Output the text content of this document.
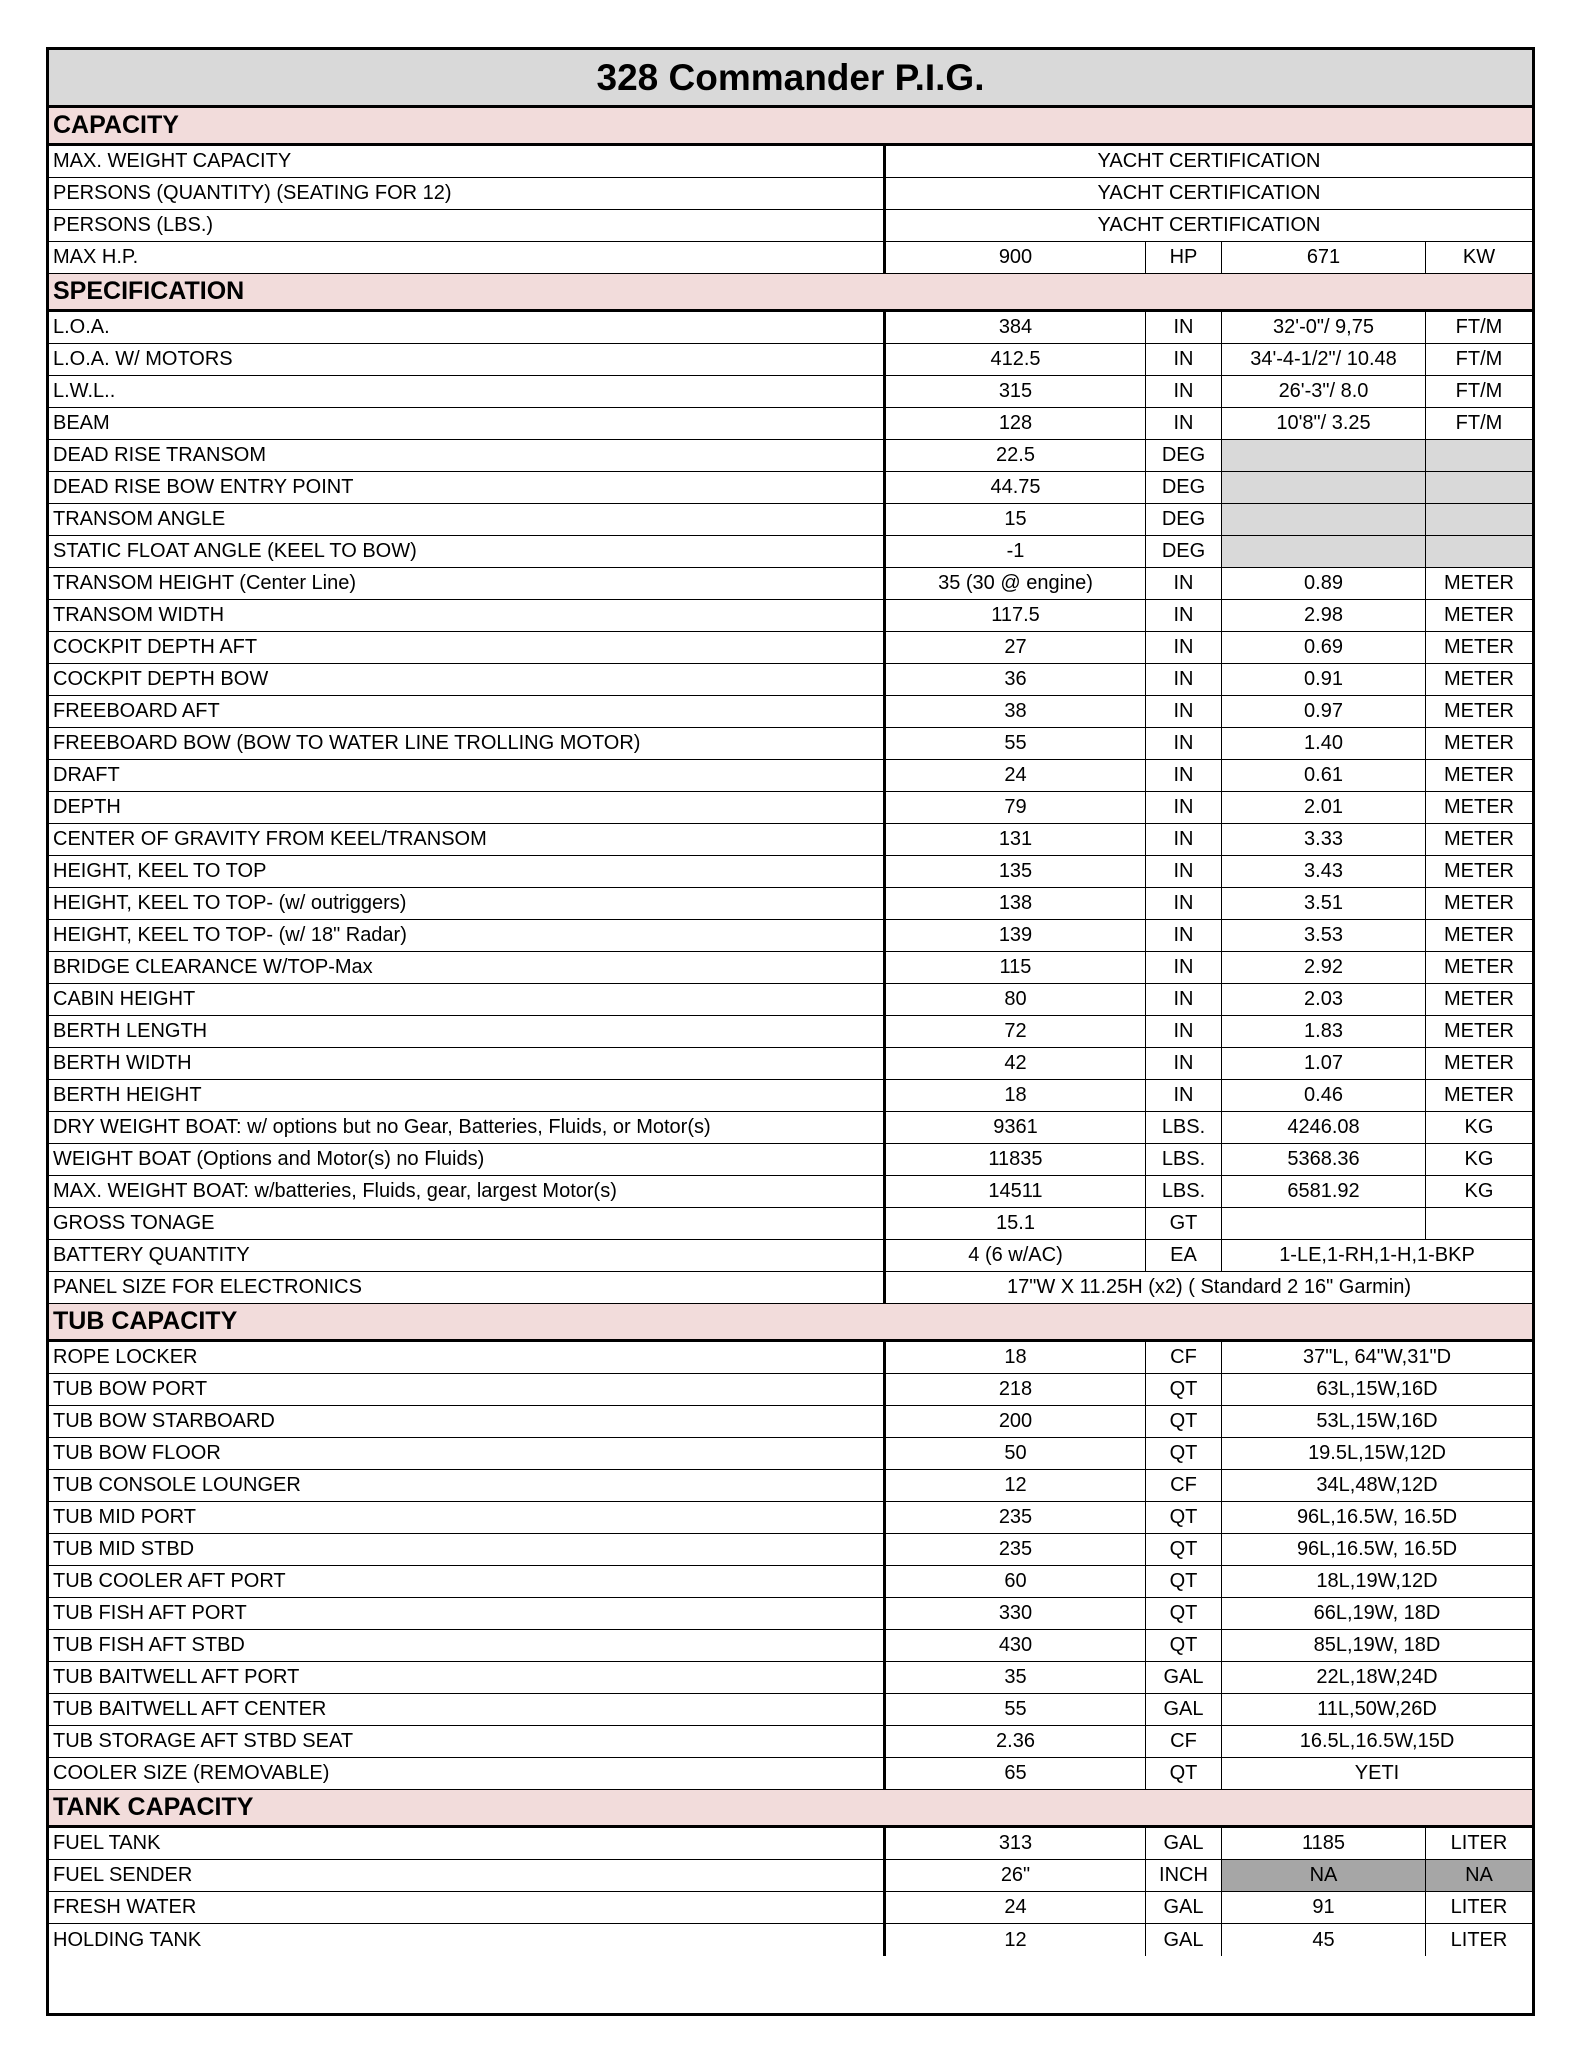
328 Commander P.I.G.
CAPACITY
MAX. WEIGHT CAPACITY	YACHT CERTIFICATION
PERSONS (QUANTITY) (SEATING FOR 12)	YACHT CERTIFICATION
PERSONS (LBS.)	YACHT CERTIFICATION
MAX H.P.	900	HP	671	KW
SPECIFICATION
L.O.A.	384	IN	32'-0"/ 9,75	FT/M
L.O.A. W/ MOTORS	412.5	IN	34'-4-1/2"/ 10.48	FT/M
L.W.L..	315	IN	26'-3"/ 8.0	FT/M
BEAM	128	IN	10'8"/ 3.25	FT/M
DEAD RISE TRANSOM	22.5	DEG
DEAD RISE BOW ENTRY POINT	44.75	DEG
TRANSOM ANGLE	15	DEG
STATIC FLOAT ANGLE (KEEL TO BOW)	-1	DEG
TRANSOM HEIGHT (Center Line)	35 (30 @ engine)	IN	0.89	METER
TRANSOM WIDTH	117.5	IN	2.98	METER
COCKPIT DEPTH AFT	27	IN	0.69	METER
COCKPIT DEPTH BOW	36	IN	0.91	METER
FREEBOARD AFT	38	IN	0.97	METER
FREEBOARD BOW (BOW TO WATER LINE TROLLING MOTOR)	55	IN	1.40	METER
DRAFT	24	IN	0.61	METER
DEPTH	79	IN	2.01	METER
CENTER OF GRAVITY FROM KEEL/TRANSOM	131	IN	3.33	METER
HEIGHT, KEEL TO TOP	135	IN	3.43	METER
HEIGHT, KEEL TO TOP- (w/ outriggers)	138	IN	3.51	METER
HEIGHT, KEEL TO TOP- (w/ 18" Radar)	139	IN	3.53	METER
BRIDGE CLEARANCE W/TOP-Max	115	IN	2.92	METER
CABIN HEIGHT	80	IN	2.03	METER
BERTH LENGTH	72	IN	1.83	METER
BERTH WIDTH	42	IN	1.07	METER
BERTH HEIGHT	18	IN	0.46	METER
DRY WEIGHT BOAT: w/ options but no Gear, Batteries, Fluids, or Motor(s)	9361	LBS.	4246.08	KG
WEIGHT BOAT (Options and Motor(s) no Fluids)	11835	LBS.	5368.36	KG
MAX. WEIGHT BOAT: w/batteries, Fluids, gear, largest Motor(s)	14511	LBS.	6581.92	KG
GROSS TONAGE	15.1	GT
BATTERY QUANTITY	4 (6 w/AC)	EA	1-LE,1-RH,1-H,1-BKP
PANEL SIZE FOR ELECTRONICS	17"W X 11.25H (x2) ( Standard 2 16" Garmin)
TUB CAPACITY
ROPE LOCKER	18	CF	37"L, 64"W,31"D
TUB BOW PORT	218	QT	63L,15W,16D
TUB BOW STARBOARD	200	QT	53L,15W,16D
TUB BOW FLOOR	50	QT	19.5L,15W,12D
TUB CONSOLE LOUNGER	12	CF	34L,48W,12D
TUB MID PORT	235	QT	96L,16.5W, 16.5D
TUB MID STBD	235	QT	96L,16.5W, 16.5D
TUB COOLER AFT PORT	60	QT	18L,19W,12D
TUB FISH AFT PORT	330	QT	66L,19W, 18D
TUB FISH AFT STBD	430	QT	85L,19W, 18D
TUB BAITWELL AFT PORT	35	GAL	22L,18W,24D
TUB BAITWELL AFT CENTER	55	GAL	11L,50W,26D
TUB STORAGE AFT STBD SEAT	2.36	CF	16.5L,16.5W,15D
COOLER SIZE (REMOVABLE)	65	QT	YETI
TANK CAPACITY
FUEL TANK	313	GAL	1185	LITER
FUEL SENDER	26"	INCH	NA	NA
FRESH WATER	24	GAL	91	LITER
HOLDING TANK	12	GAL	45	LITER
